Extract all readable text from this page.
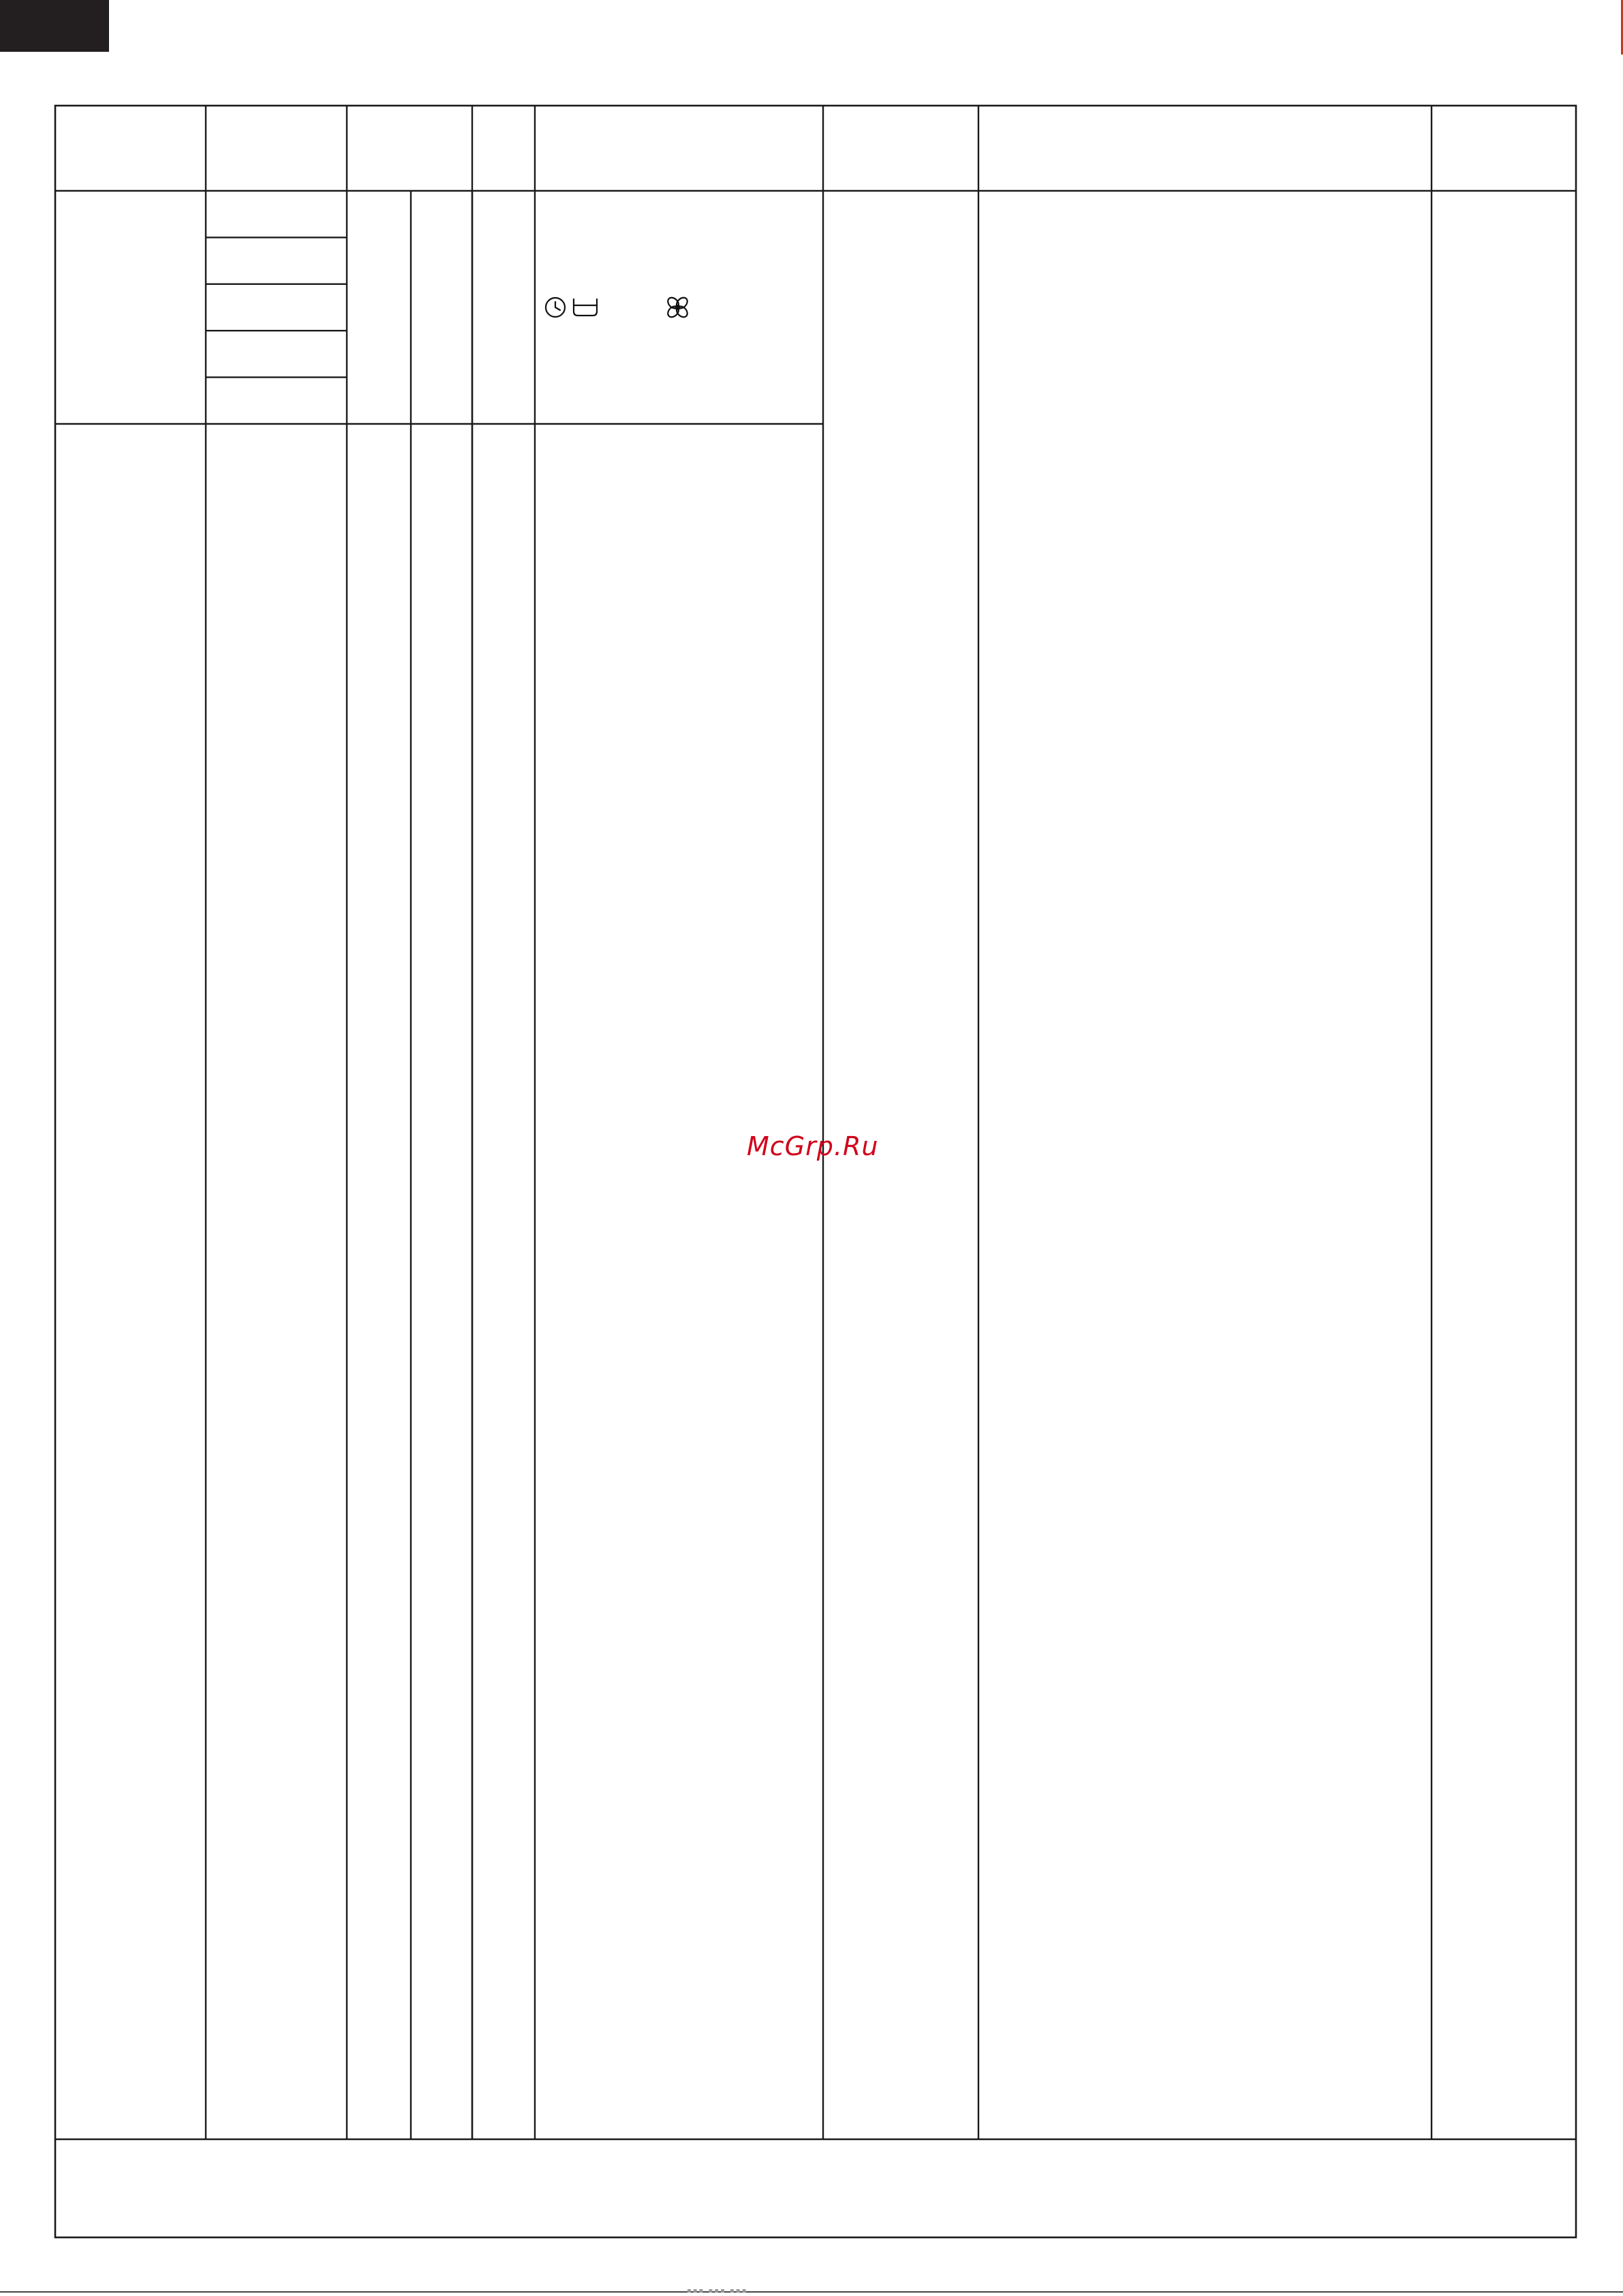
McGrp.Ru
▪▪▪ ▪▪▪ ▪▪▪
